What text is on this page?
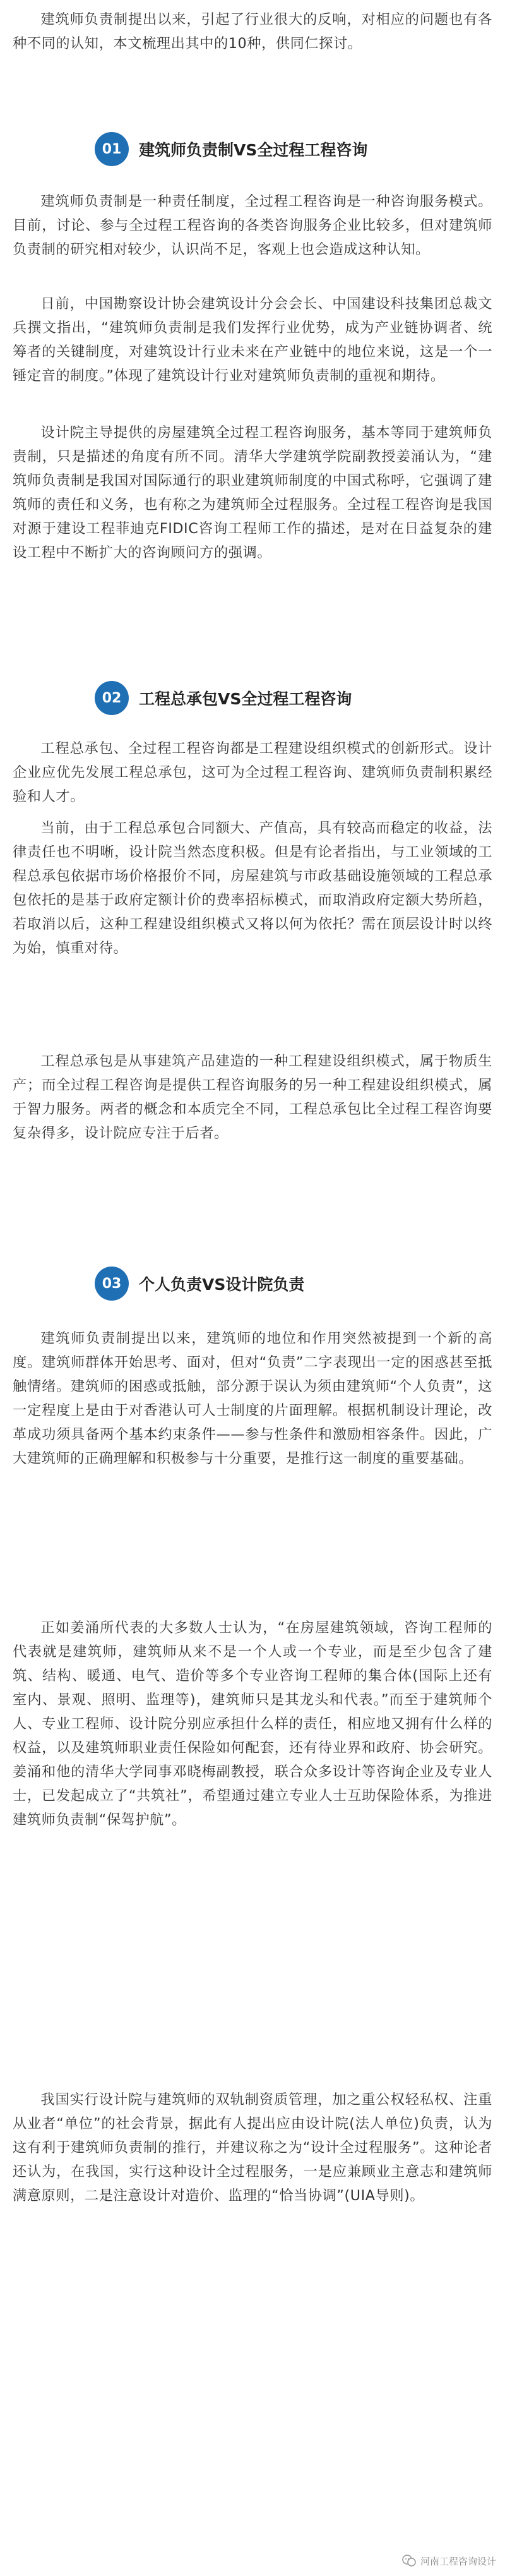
建筑师负责制提出以来，引起了行业很大的反响，对相应的问题也有各种不同的认知，本文梳理出其中的10种，供同仁探讨。

01	建筑师负责制VS全过程工程咨询

建筑师负责制是一种责任制度，全过程工程咨询是一种咨询服务模式。目前，讨论、参与全过程工程咨询的各类咨询服务企业比较多，但对建筑师负责制的研究相对较少，认识尚不足，客观上也会造成这种认知。

日前，中国勘察设计协会建筑设计分会会长、中国建设科技集团总裁文兵撰文指出，“建筑师负责制是我们发挥行业优势，成为产业链协调者、统筹者的关键制度，对建筑设计行业未来在产业链中的地位来说，这是一个一锤定音的制度。”体现了建筑设计行业对建筑师负责制的重视和期待。

设计院主导提供的房屋建筑全过程工程咨询服务，基本等同于建筑师负责制，只是描述的角度有所不同。清华大学建筑学院副教授姜涌认为，“建筑师负责制是我国对国际通行的职业建筑师制度的中国式称呼，它强调了建筑师的责任和义务，也有称之为建筑师全过程服务。全过程工程咨询是我国对源于建设工程菲迪克FIDIC咨询工程师工作的描述，是对在日益复杂的建设工程中不断扩大的咨询顾问方的强调。

02	工程总承包VS全过程工程咨询

工程总承包、全过程工程咨询都是工程建设组织模式的创新形式。设计企业应优先发展工程总承包，这可为全过程工程咨询、建筑师负责制积累经验和人才。

当前，由于工程总承包合同额大、产值高，具有较高而稳定的收益，法律责任也不明晰，设计院当然态度积极。但是有论者指出，与工业领域的工程总承包依据市场价格报价不同，房屋建筑与市政基础设施领域的工程总承包依托的是基于政府定额计价的费率招标模式，而取消政府定额大势所趋，若取消以后，这种工程建设组织模式又将以何为依托？需在顶层设计时以终为始，慎重对待。

工程总承包是从事建筑产品建造的一种工程建设组织模式，属于物质生产；而全过程工程咨询是提供工程咨询服务的另一种工程建设组织模式，属于智力服务。两者的概念和本质完全不同，工程总承包比全过程工程咨询要复杂得多，设计院应专注于后者。

03	个人负责VS设计院负责

建筑师负责制提出以来，建筑师的地位和作用突然被提到一个新的高度。建筑师群体开始思考、面对，但对“负责”二字表现出一定的困惑甚至抵触情绪。建筑师的困惑或抵触，部分源于误认为须由建筑师“个人负责”，这一定程度上是由于对香港认可人士制度的片面理解。根据机制设计理论，改革成功须具备两个基本约束条件——参与性条件和激励相容条件。因此，广大建筑师的正确理解和积极参与十分重要，是推行这一制度的重要基础。

正如姜涌所代表的大多数人士认为，“在房屋建筑领域，咨询工程师的代表就是建筑师，建筑师从来不是一个人或一个专业，而是至少包含了建筑、结构、暖通、电气、造价等多个专业咨询工程师的集合体(国际上还有室内、景观、照明、监理等)，建筑师只是其龙头和代表。”而至于建筑师个人、专业工程师、设计院分别应承担什么样的责任，相应地又拥有什么样的权益，以及建筑师职业责任保险如何配套，还有待业界和政府、协会研究。姜涌和他的清华大学同事邓晓梅副教授，联合众多设计等咨询企业及专业人士，已发起成立了“共筑社”，希望通过建立专业人士互助保险体系，为推进建筑师负责制“保驾护航”。

我国实行设计院与建筑师的双轨制资质管理，加之重公权轻私权、注重从业者“单位”的社会背景，据此有人提出应由设计院(法人单位)负责，认为这有利于建筑师负责制的推行，并建议称之为“设计全过程服务”。这种论者还认为，在我国，实行这种设计全过程服务，一是应兼顾业主意志和建筑师满意原则，二是注意设计对造价、监理的“恰当协调”(UIA导则)。

河南工程咨询设计
